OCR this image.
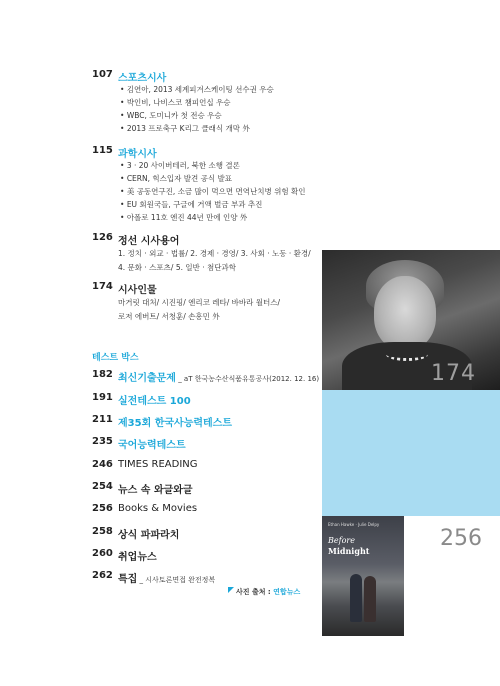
107 스포츠시사
• 김연아, 2013 세계피겨스케이팅 선수권 우승
• 박인비, 나비스코 챔피언십 우승
• WBC, 도미니카 첫 전승 우승
• 2013 프로축구 K리그 클래식 개막 外
115 과학시사
• 3 · 20 사이버테러, 북한 소행 결론
• CERN, 힉스입자 발견 공식 발표
• 美 공동연구진, 소금 많이 먹으면 면역난치병 위험 확인
• EU 회원국들, 구글에 거액 벌금 부과 추진
• 아폴로 11호 엔진 44년 만에 인양 外
126 정선 시사용어
1. 정치 · 외교 · 법률/ 2. 경제 · 경영/ 3. 사회 · 노동 · 환경/
4. 문화 · 스포츠/ 5. 일반 · 첨단과학
174 시사인물
마거릿 대처/ 시진핑/ 엔리코 레타/ 바바라 월터스/
로저 에버트/ 서청훈/ 손흥민 外
테스트 박스
182 최신기출문제 _ aT 한국농수산식품유통공사(2012. 12. 16)
191 실전테스트 100
211 제35회 한국사능력테스트
235 국어능력테스트
246 TIMES READING
254 뉴스 속 와글와글
256 Books & Movies
258 상식 파파라치
260 취업뉴스
262 특집 _ 시사토론면접 완전정복
사진 출처 : 연합뉴스
174
256
Ethan Hawke · Julie Delpy
Before
Midnight
